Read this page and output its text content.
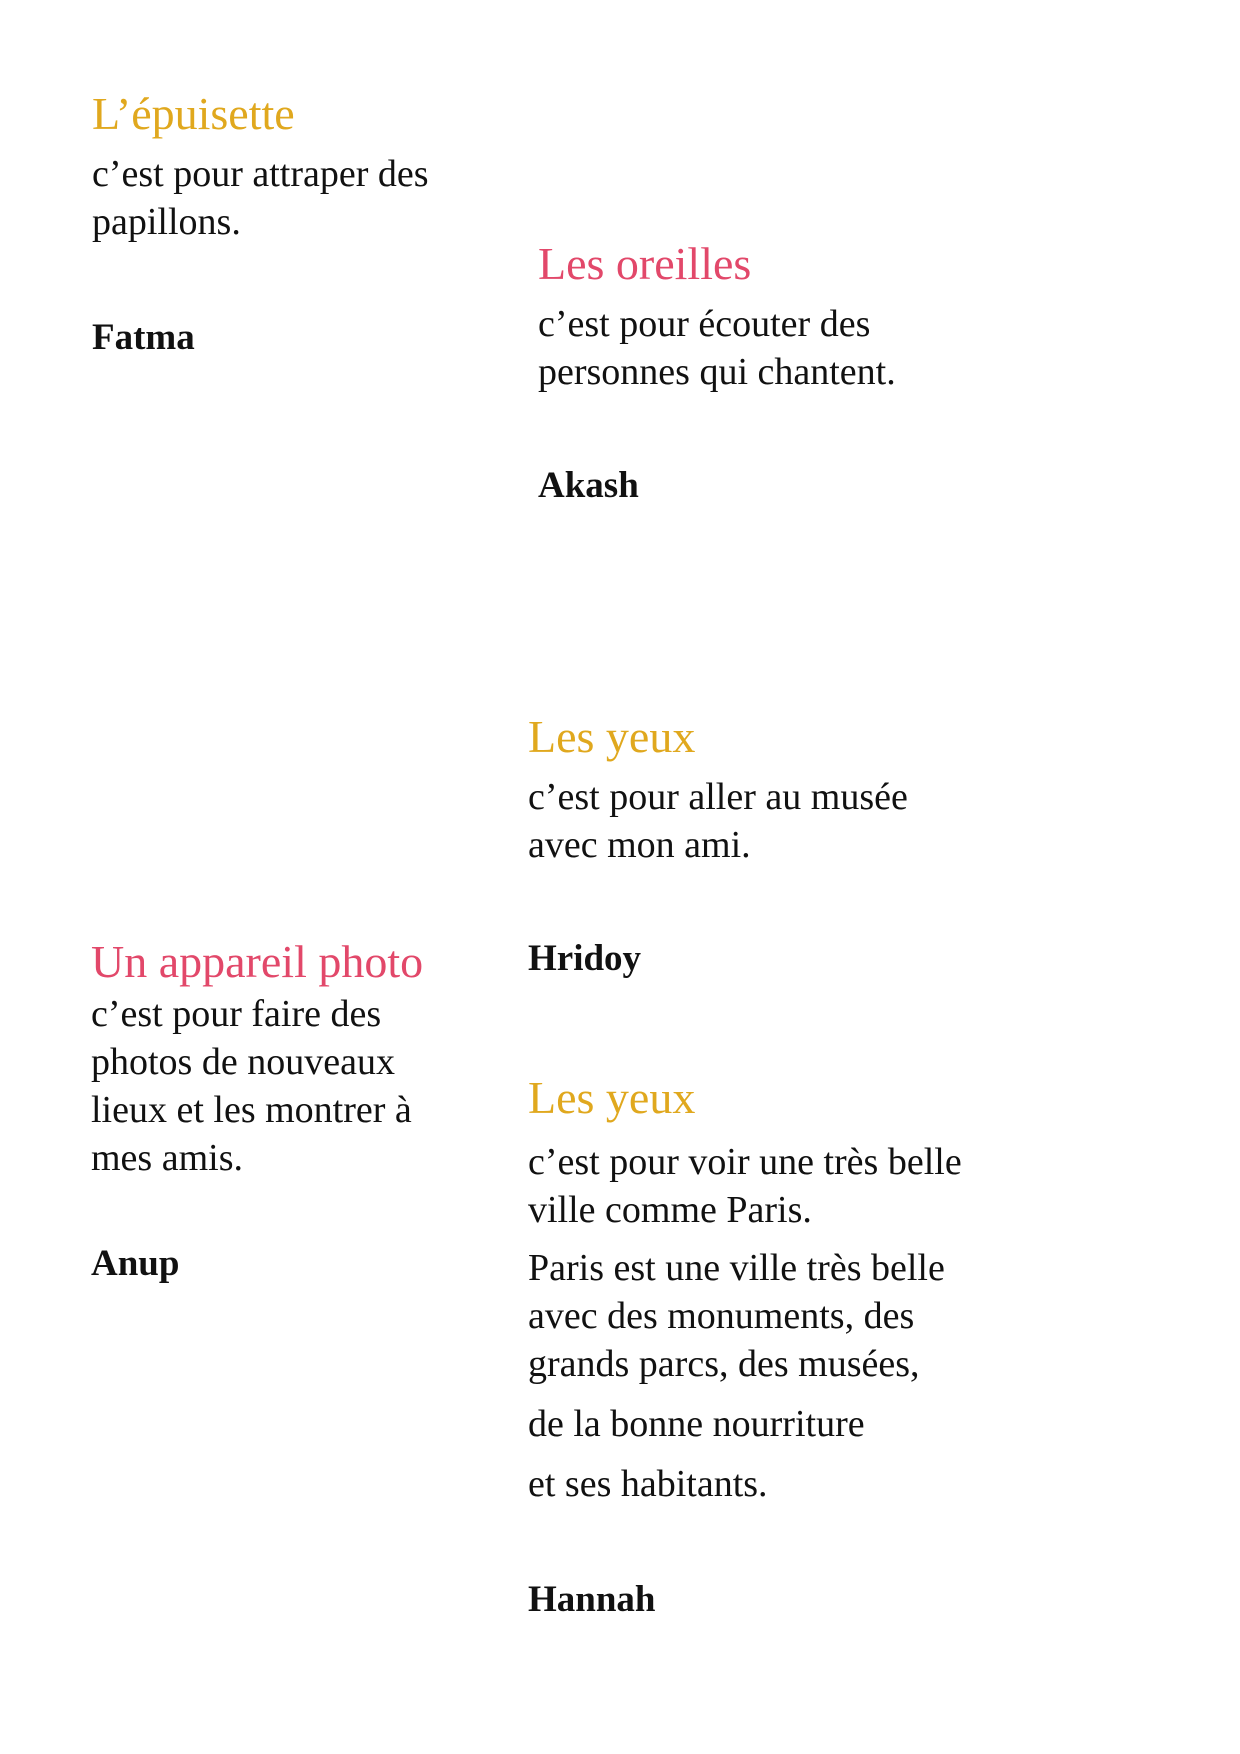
L’épuisette

c’est pour attraper des

papillons.

Fatma

Les oreilles

c’est pour écouter des

personnes qui chantent.

Akash

Les yeux

c’est pour aller au musée

avec mon ami.

Hridoy

Un appareil photo

c’est pour faire des

photos de nouveaux

lieux et les montrer à

mes amis.

Anup

Les yeux

c’est pour voir une très belle

ville comme Paris.

Paris est une ville très belle

avec des monuments, des

grands parcs, des musées,

de la bonne nourriture

et ses habitants.

Hannah
